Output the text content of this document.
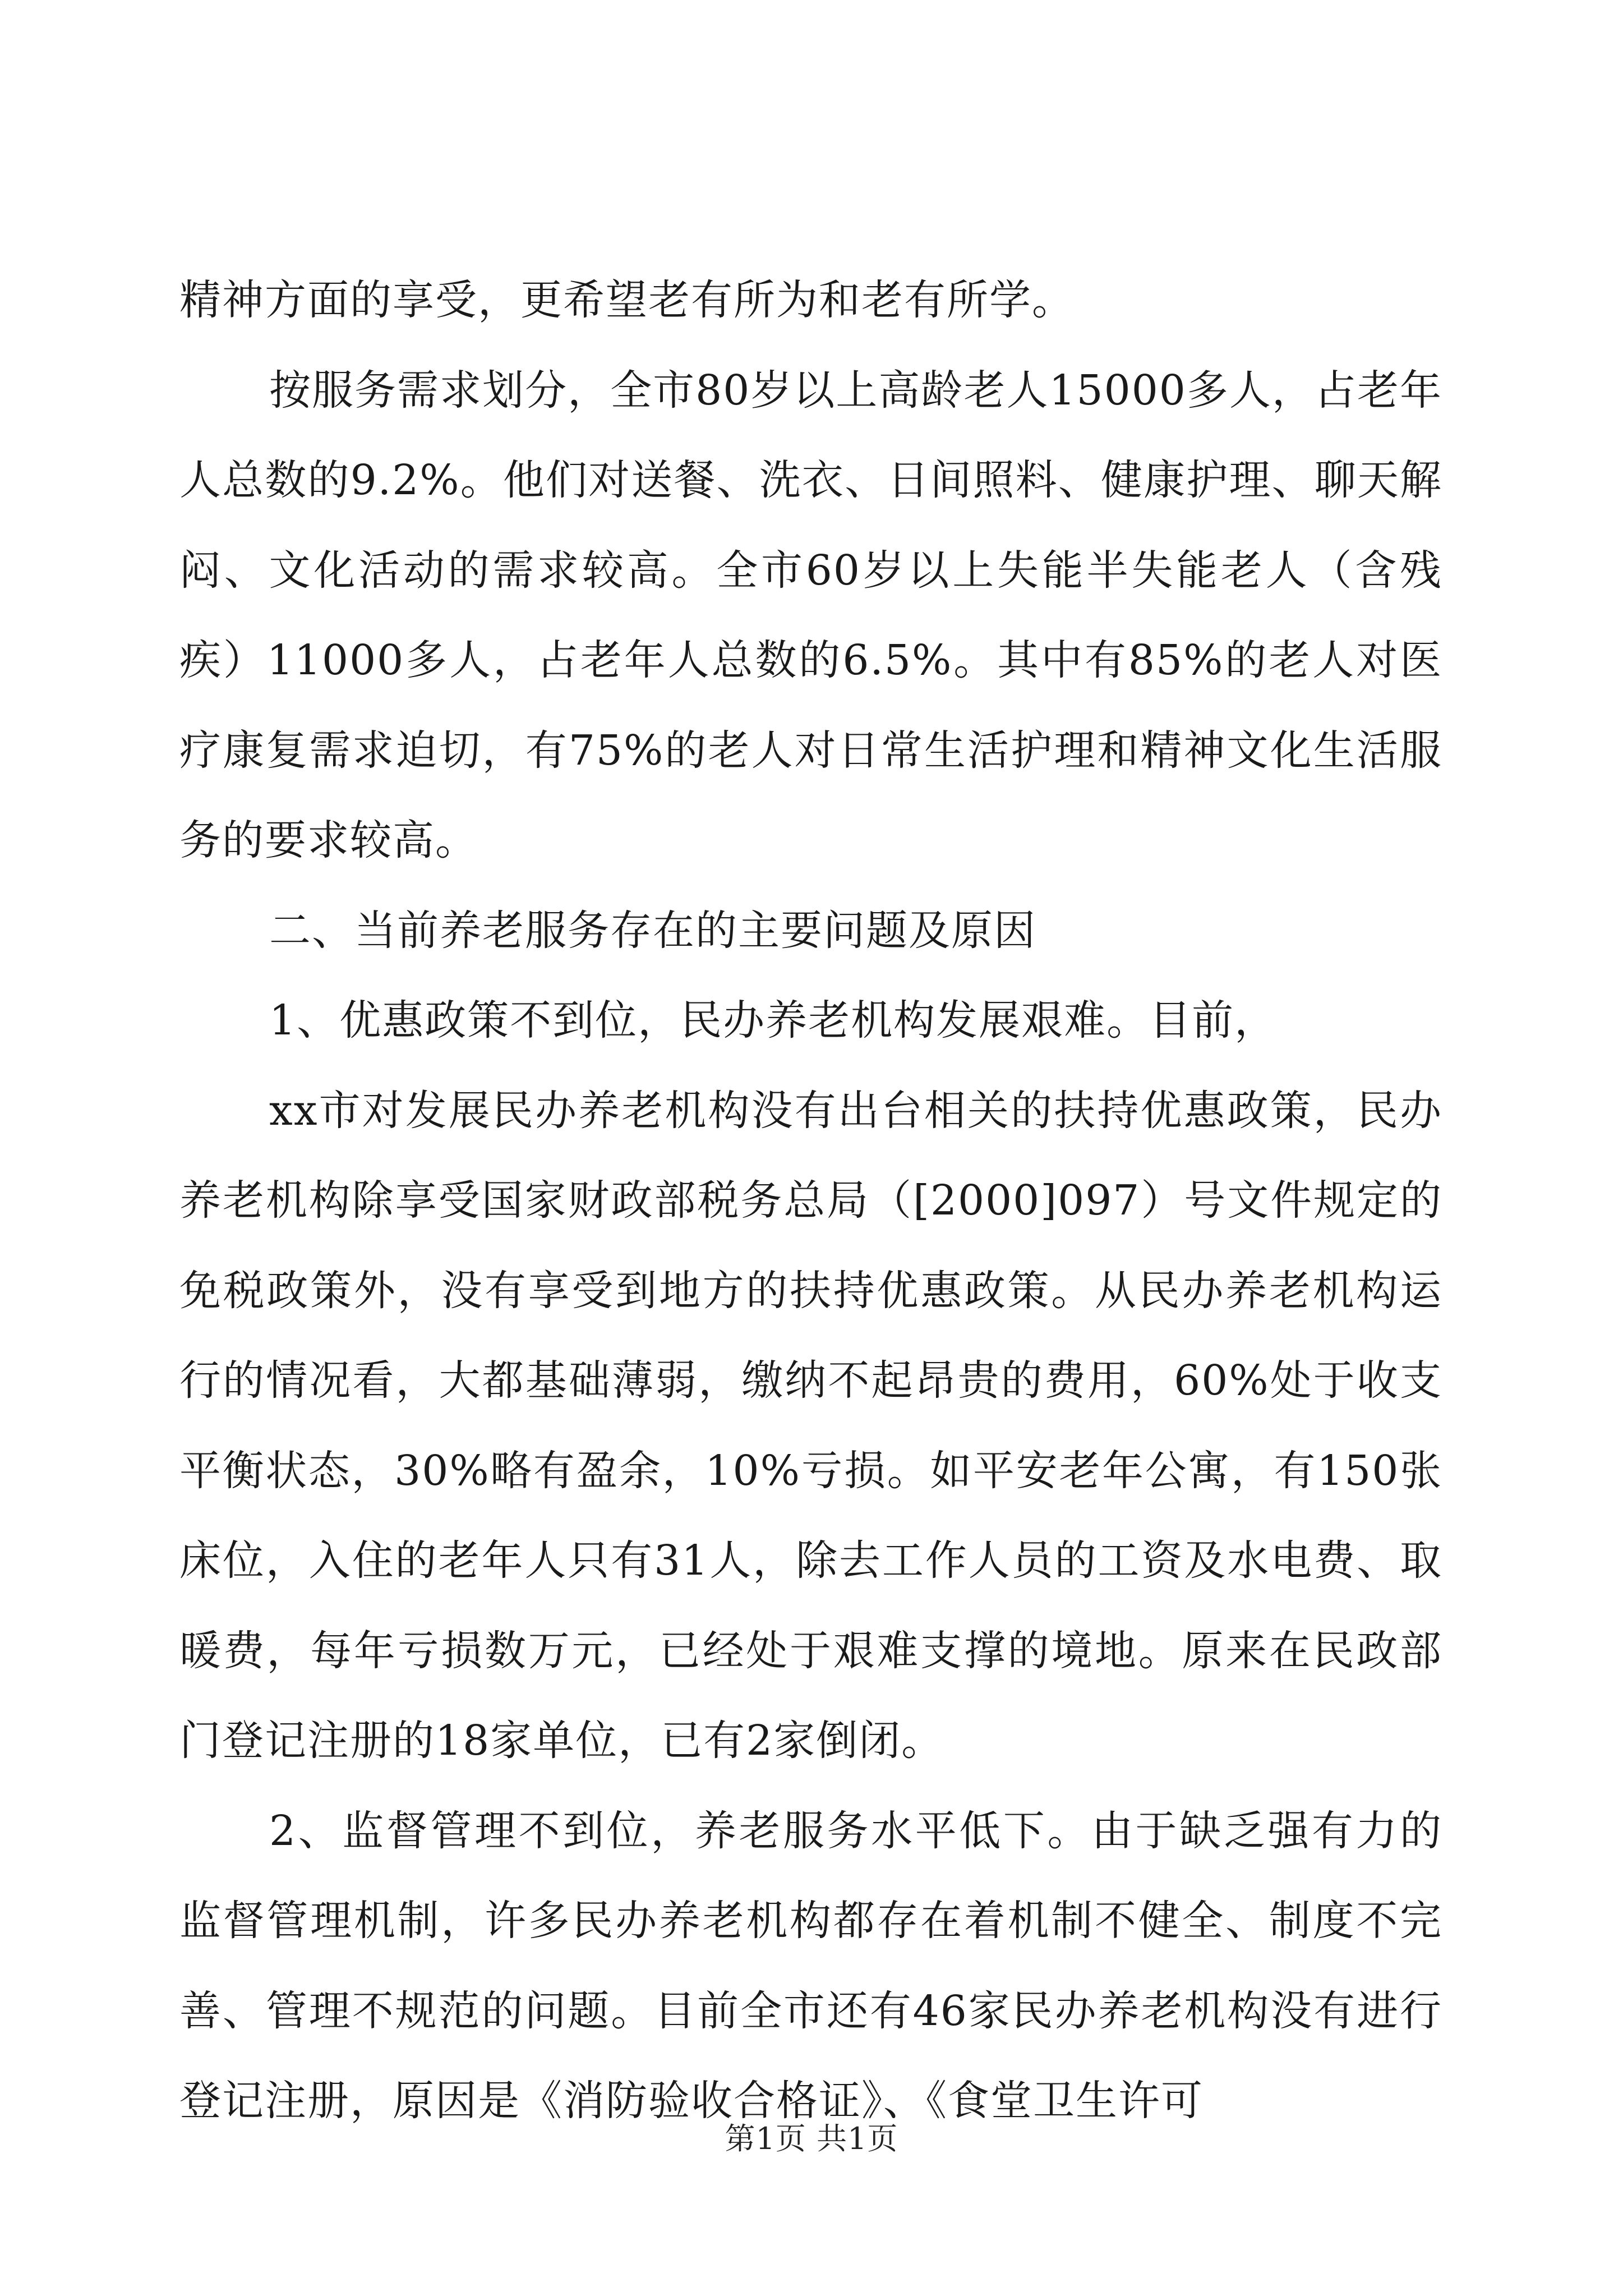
精神方面的享受，更希望老有所为和老有所学。

按服务需求划分，全市80岁以上高龄老人15000多人，占老年人总数的9.2%。他们对送餐、洗衣、日间照料、健康护理、聊天解闷、文化活动的需求较高。全市60岁以上失能半失能老人（含残疾）11000多人，占老年人总数的6.5%。其中有85%的老人对医疗康复需求迫切，有75%的老人对日常生活护理和精神文化生活服务的要求较高。

二、当前养老服务存在的主要问题及原因

1、优惠政策不到位，民办养老机构发展艰难。目前，

xx市对发展民办养老机构没有出台相关的扶持优惠政策，民办养老机构除享受国家财政部税务总局（[2000]097）号文件规定的免税政策外，没有享受到地方的扶持优惠政策。从民办养老机构运行的情况看，大都基础薄弱，缴纳不起昂贵的费用，60%处于收支平衡状态，30%略有盈余，10%亏损。如平安老年公寓，有150张床位，入住的老年人只有31人，除去工作人员的工资及水电费、取暖费，每年亏损数万元，已经处于艰难支撑的境地。原来在民政部门登记注册的18家单位，已有2家倒闭。

2、监督管理不到位，养老服务水平低下。由于缺乏强有力的监督管理机制，许多民办养老机构都存在着机制不健全、制度不完善、管理不规范的问题。目前全市还有46家民办养老机构没有进行登记注册，原因是《消防验收合格证》、《食堂卫生许可

第1页 共1页
